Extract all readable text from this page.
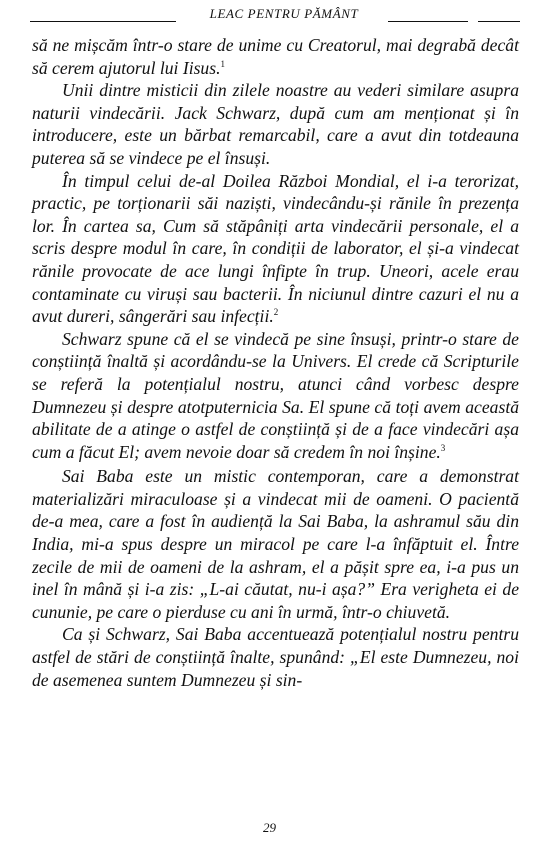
LEAC PENTRU PĂMÂNT

să ne mișcăm într-o stare de unime cu Creatorul, mai degrabă decât să cerem ajutorul lui Iisus.$^1$

Unii dintre misticii din zilele noastre au vederi similare asupra naturii vindecării. Jack Schwarz, după cum am menționat și în introducere, este un bărbat remarcabil, care a avut din totdeauna puterea să se vindece pe el însuși.

În timpul celui de-al Doilea Război Mondial, el i-a terorizat, practic, pe torționarii săi naziști, vindecându-și rănile în prezența lor. În cartea sa, Cum să stăpâniți arta vindecării personale, el a scris despre modul în care, în condiții de laborator, el și-a vindecat rănile provocate de ace lungi înfipte în trup. Uneori, acele erau contaminate cu viruși sau bacterii. În niciunul dintre cazuri el nu a avut dureri, sângerări sau infecții.$^2$

Schwarz spune că el se vindecă pe sine însuși, printr-o stare de conștiință înaltă și acordându-se la Univers. El crede că Scripturile se referă la potențialul nostru, atunci când vorbesc despre Dumnezeu și despre atotputernicia Sa. El spune că toți avem această abilitate de a atinge o astfel de conștiință și de a face vindecări așa cum a făcut El; avem nevoie doar să credem în noi înșine.$^3$

Sai Baba este un mistic contemporan, care a demonstrat materializări miraculoase și a vindecat mii de oameni. O pacientă de-a mea, care a fost în audiență la Sai Baba, la ashramul său din India, mi-a spus despre un miracol pe care l-a înfăptuit el. Între zecile de mii de oameni de la ashram, el a pășit spre ea, i-a pus un inel în mână și i-a zis: „L-ai căutat, nu-i așa?” Era verigheta ei de cununie, pe care o pierduse cu ani în urmă, într-o chiuvetă.

Ca și Schwarz, Sai Baba accentuează potențialul nostru pentru astfel de stări de conștiință înalte, spunând: „El este Dumnezeu, noi de asemenea suntem Dumnezeu și sin-

29
